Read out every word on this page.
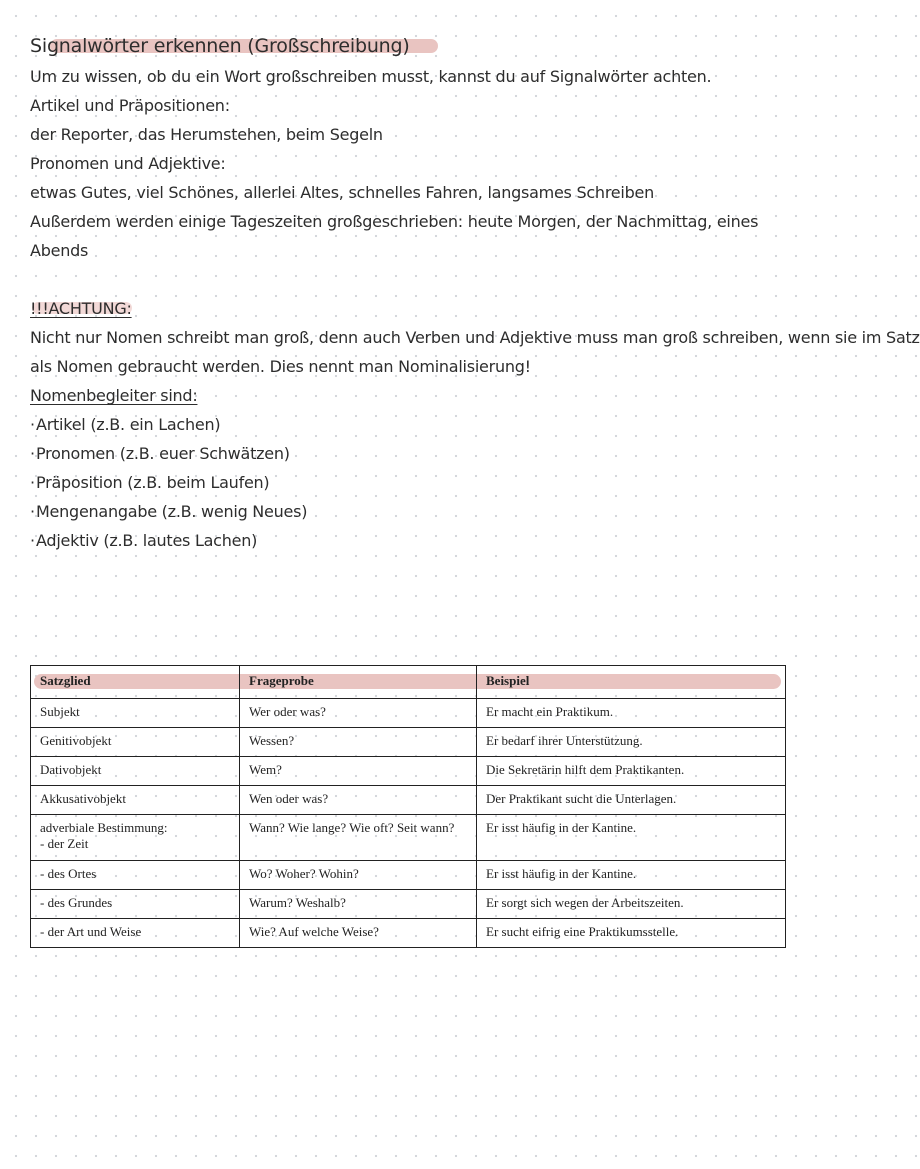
Signalwörter erkennen (Großschreibung)
Um zu wissen, ob du ein Wort großschreiben musst, kannst du auf Signalwörter achten.
Artikel und Präpositionen:
der Reporter, das Herumstehen, beim Segeln
Pronomen und Adjektive:
etwas Gutes, viel Schönes, allerlei Altes, schnelles Fahren, langsames Schreiben
Außerdem werden einige Tageszeiten großgeschrieben: heute Morgen, der Nachmittag, eines
Abends
!!!ACHTUNG:
Nicht nur Nomen schreibt man groß, denn auch Verben und Adjektive muss man groß schreiben, wenn sie im Satz
als Nomen gebraucht werden. Dies nennt man Nominalisierung!
Nomenbegleiter sind:
·Artikel (z.B. ein Lachen)
·Pronomen (z.B. euer Schwätzen)
·Präposition (z.B. beim Laufen)
·Mengenangabe (z.B. wenig Neues)
·Adjektiv (z.B. lautes Lachen)
Satzglied	Frageprobe	Beispiel
Subjekt	Wer oder was?	Er macht ein Praktikum.
Genitivobjekt	Wessen?	Er bedarf ihrer Unterstützung.
Dativobjekt	Wem?	Die Sekretärin hilft dem Praktikanten.
Akkusativobjekt	Wen oder was?	Der Praktikant sucht die Unterlagen.
adverbiale Bestimmung:
- der Zeit	Wann? Wie lange? Wie oft? Seit wann?	Er isst häufig in der Kantine.
- des Ortes	Wo? Woher? Wohin?	Er isst häufig in der Kantine.
- des Grundes	Warum? Weshalb?	Er sorgt sich wegen der Arbeitszeiten.
- der Art und Weise	Wie? Auf welche Weise?	Er sucht eifrig eine Praktikumsstelle.
